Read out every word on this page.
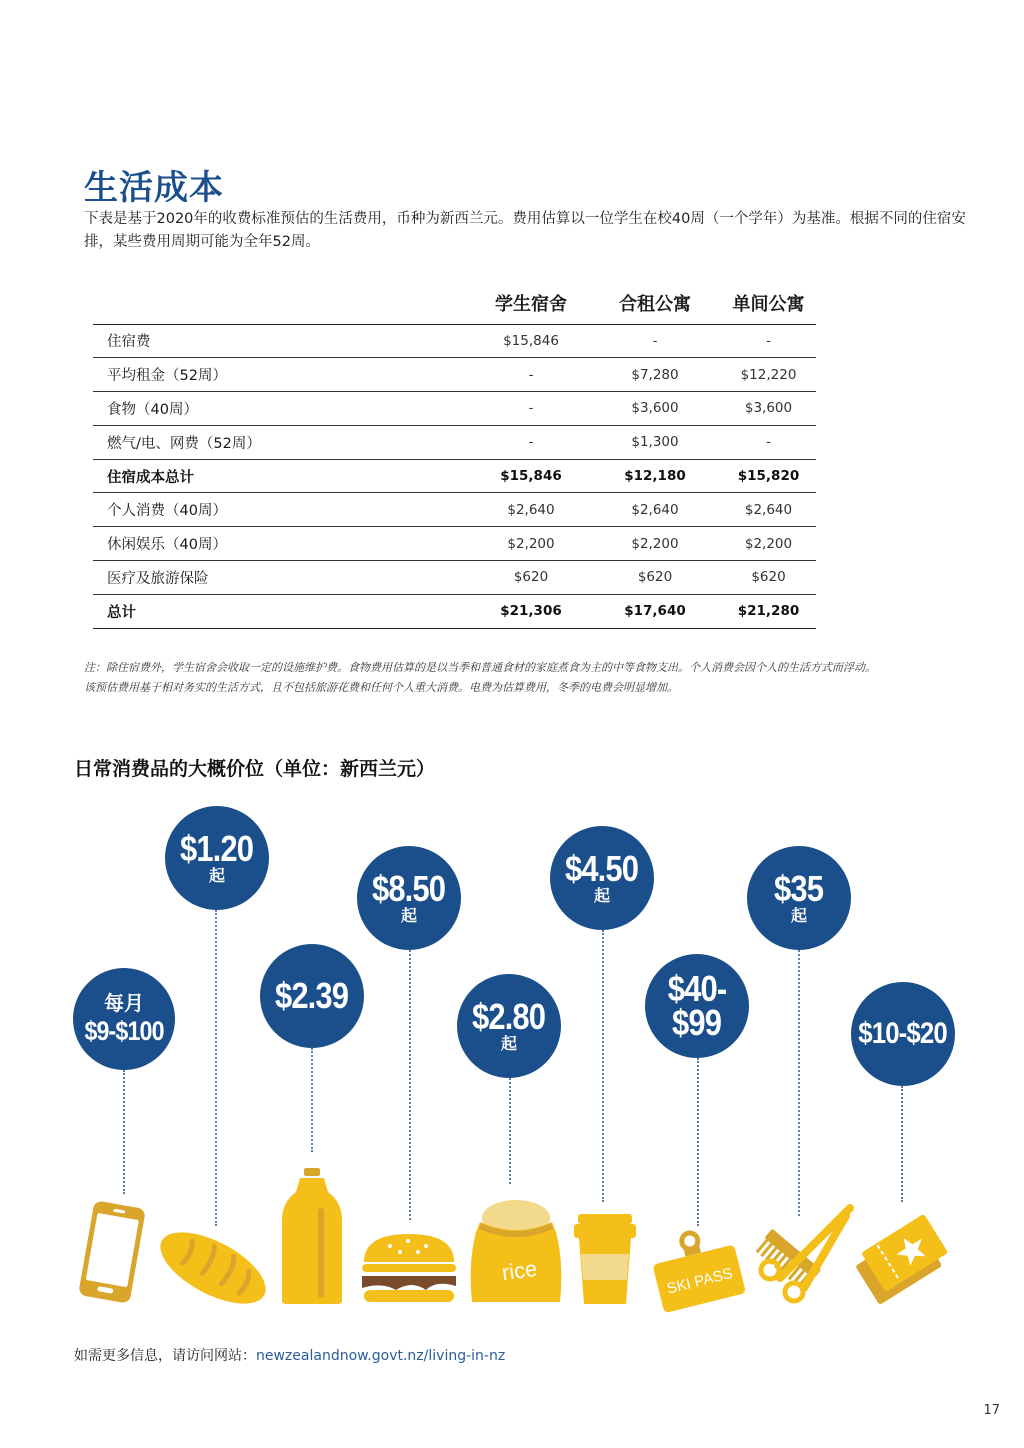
生活成本
下表是基于2020年的收费标准预估的生活费用，币种为新西兰元。费用估算以一位学生在校40周（一个学年）为基准。根据不同的住宿安排，某些费用周期可能为全年52周。
	学生宿舍	合租公寓	单间公寓
住宿费	$15,846	-	-
平均租金（52周）	-	$7,280	$12,220
食物（40周）	-	$3,600	$3,600
燃气/电、网费（52周）	-	$1,300	-
住宿成本总计	$15,846	$12,180	$15,820
个人消费（40周）	$2,640	$2,640	$2,640
休闲娱乐（40周）	$2,200	$2,200	$2,200
医疗及旅游保险	$620	$620	$620
总计	$21,306	$17,640	$21,280
注：除住宿费外，学生宿舍会收取一定的设施维护费。食物费用估算的是以当季和普通食材的家庭煮食为主的中等食物支出。个人消费会因个人的生活方式而浮动。
该预估费用基于相对务实的生活方式，且不包括旅游花费和任何个人重大消费。电费为估算费用，冬季的电费会明显增加。
日常消费品的大概价位（单位：新西兰元）
每月
$9-$100
$1.20
起
$2.39
$8.50
起
$2.80
起
$4.50
起
$40-
$99
$35
起
$10-$20
rice	SKI PASS
如需更多信息，请访问网站：newzealandnow.govt.nz/living-in-nz
17
